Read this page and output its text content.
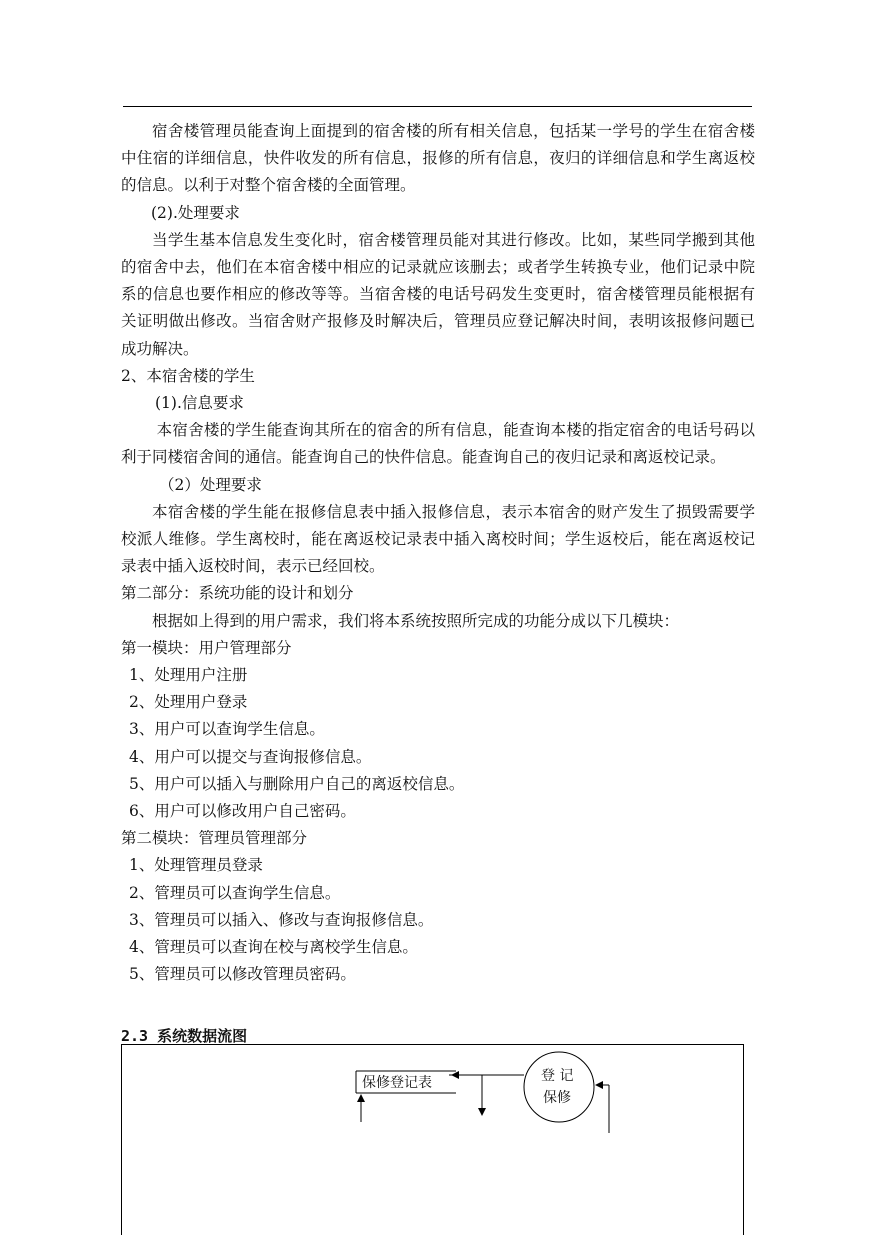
宿舍楼管理员能查询上面提到的宿舍楼的所有相关信息，包括某一学号的学生在宿舍楼中住宿的详细信息，快件收发的所有信息，报修的所有信息，夜归的详细信息和学生离返校的信息。以利于对整个宿舍楼的全面管理。

(2).处理要求

当学生基本信息发生变化时，宿舍楼管理员能对其进行修改。比如，某些同学搬到其他的宿舍中去，他们在本宿舍楼中相应的记录就应该删去；或者学生转换专业，他们记录中院系的信息也要作相应的修改等等。当宿舍楼的电话号码发生变更时，宿舍楼管理员能根据有关证明做出修改。当宿舍财产报修及时解决后，管理员应登记解决时间，表明该报修问题已成功解决。

2、本宿舍楼的学生

(1).信息要求

本宿舍楼的学生能查询其所在的宿舍的所有信息，能查询本楼的指定宿舍的电话号码以利于同楼宿舍间的通信。能查询自己的快件信息。能查询自己的夜归记录和离返校记录。

（2）处理要求

本宿舍楼的学生能在报修信息表中插入报修信息，表示本宿舍的财产发生了损毁需要学校派人维修。学生离校时，能在离返校记录表中插入离校时间；学生返校后，能在离返校记录表中插入返校时间，表示已经回校。

第二部分：系统功能的设计和划分

根据如上得到的用户需求，我们将本系统按照所完成的功能分成以下几模块：

第一模块：用户管理部分

1、处理用户注册

2、处理用户登录

3、用户可以查询学生信息。

4、用户可以提交与查询报修信息。

5、用户可以插入与删除用户自己的离返校信息。

6、用户可以修改用户自己密码。

第二模块：管理员管理部分

1、处理管理员登录

2、管理员可以查询学生信息。

3、管理员可以插入、修改与查询报修信息。

4、管理员可以查询在校与离校学生信息。

5、管理员可以修改管理员密码。

2.3 系统数据流图

保修登记表	登 记
保修
